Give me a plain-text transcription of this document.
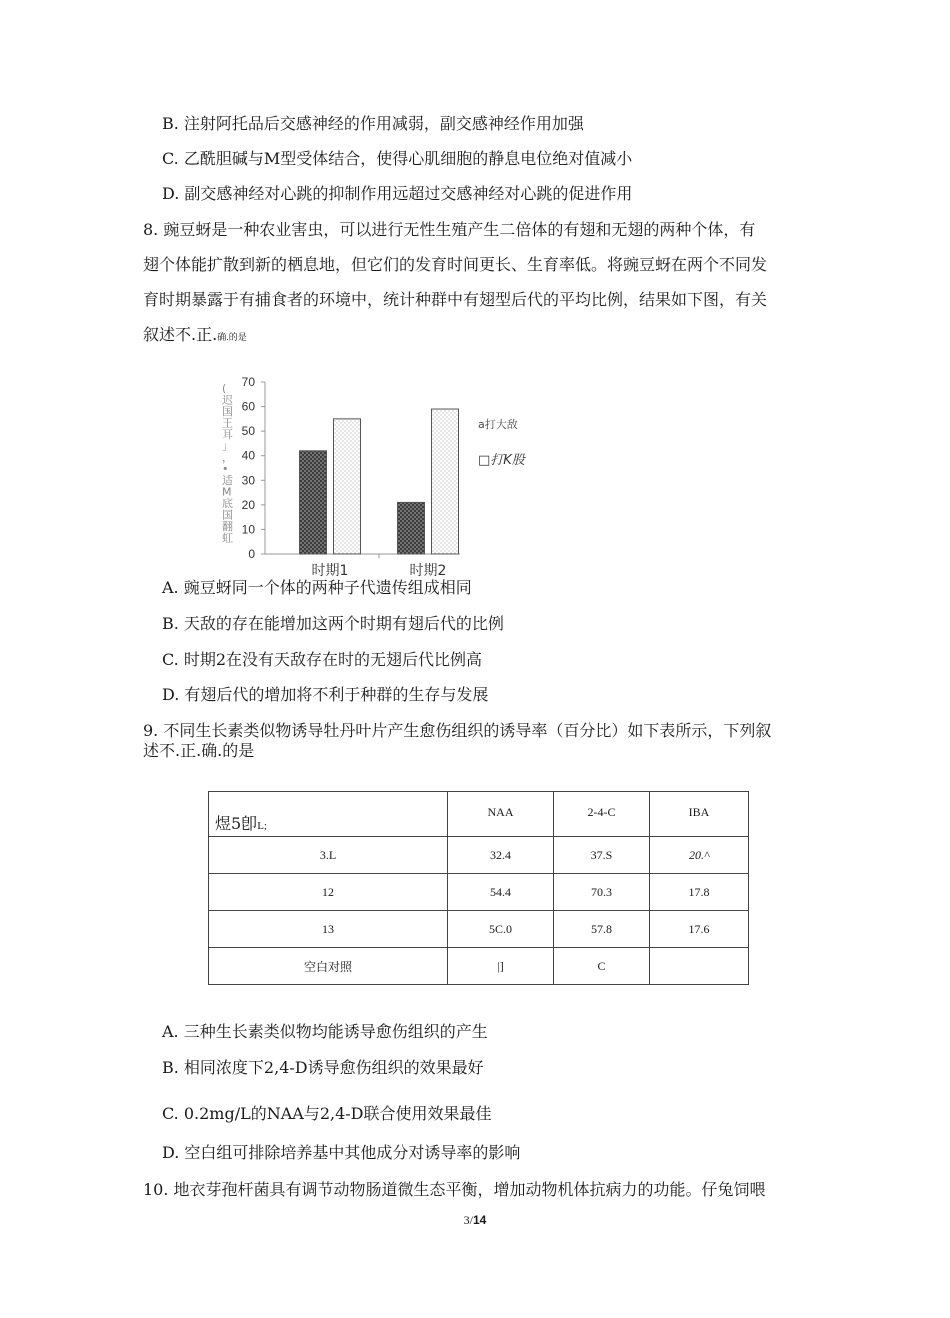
B. 注射阿托品后交感神经的作用减弱，副交感神经作用加强
C. 乙酰胆碱与M型受体结合，使得心肌细胞的静息电位绝对值减小
D. 副交感神经对心跳的抑制作用远超过交感神经对心跳的促进作用
8. 豌豆蚜是一种农业害虫，可以进行无性生殖产生二倍体的有翅和无翅的两种个体，有
翅个体能扩散到新的栖息地，但它们的发育时间更长、生育率低。将豌豆蚜在两个不同发
育时期暴露于有捕食者的环境中，统计种群中有翅型后代的平均比例，结果如下图，有关
叙述不.正.确.的是
(迟国王耳」，•适 M 底国翻虹
0
10
20
30
40
50
60
70
时期1	时期2
a打大敌
□打K股
A. 豌豆蚜同一个体的两种子代遗传组成相同
B. 天敌的存在能增加这两个时期有翅后代的比例
C. 时期2在没有天敌存在时的无翅后代比例高
D. 有翅后代的增加将不利于种群的生存与发展
9. 不同生长素类似物诱导牡丹叶片产生愈伤组织的诱导率（百分比）如下表所示，下列叙
述不.正.确.的是
煜5卽L;	NAA	2-4-C	IBA
3.L	32.4	37.S	20.^
12	54.4	70.3	17.8
13	5C.0	57.8	17.6
空白对照	|]	C	
A. 三种生长素类似物均能诱导愈伤组织的产生
B. 相同浓度下2,4-D诱导愈伤组织的效果最好
C. 0.2mg/L的NAA与2,4-D联合使用效果最佳
D. 空白组可排除培养基中其他成分对诱导率的影响
10. 地衣芽孢杆菌具有调节动物肠道微生态平衡，增加动物机体抗病力的功能。仔兔饲喂
3/14
